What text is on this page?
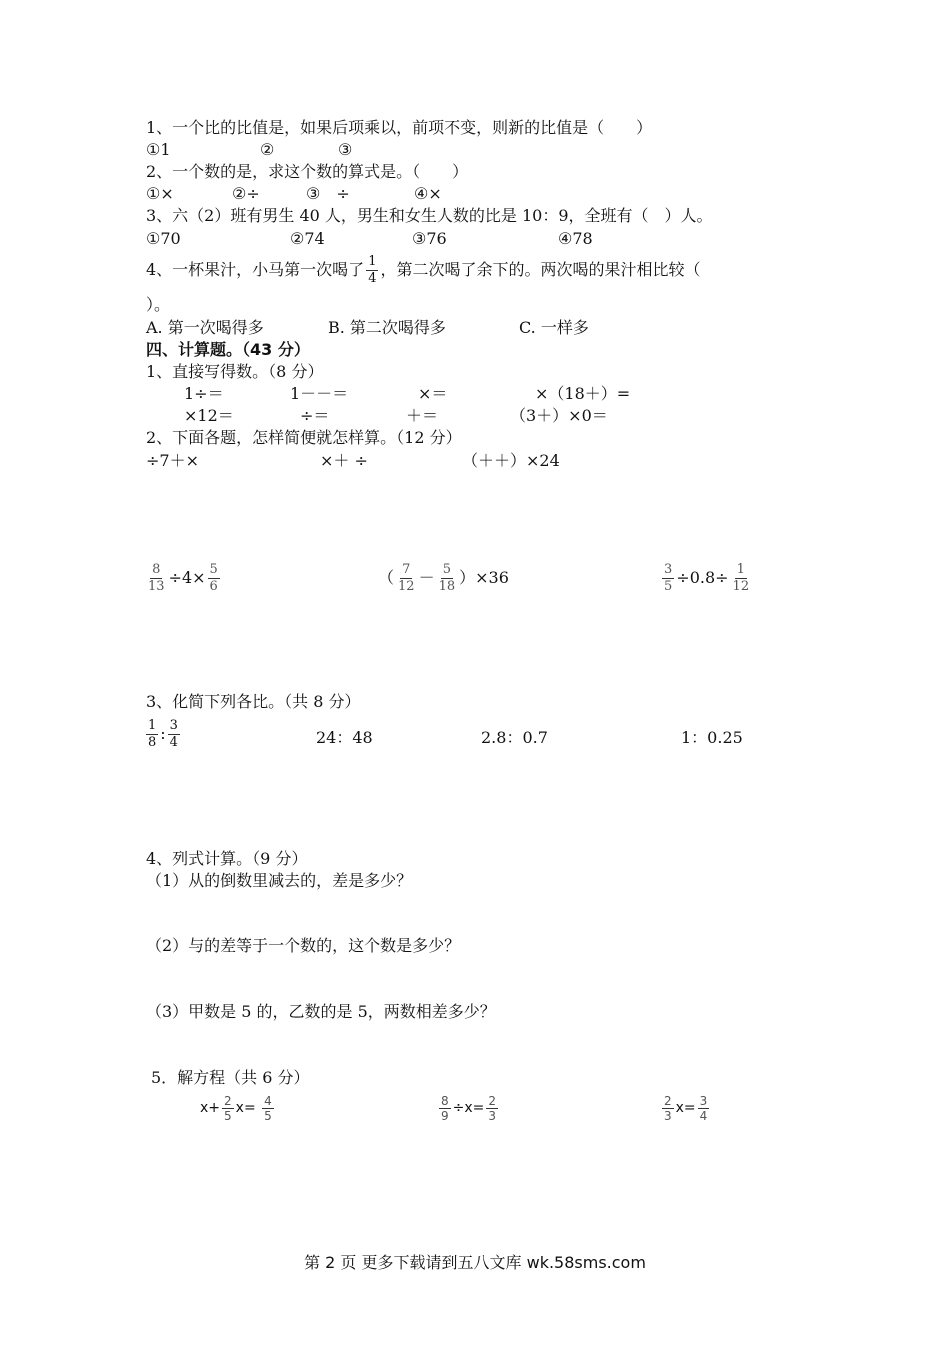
1、一个比的比值是，如果后项乘以，前项不变，则新的比值是（　　）
①1	②	③
2、一个数的是，求这个数的算式是。（　　）
①×	②÷	③　÷	④×
3、六（2）班有男生 40 人，男生和女生人数的比是 10：9，全班有（　）人。
①70	②74	③76	④78
4、一杯果汁，小马第一次喝了 $\frac{1}{4}$ ，第二次喝了余下的。两次喝的果汁相比较（
）。
A. 第一次喝得多	B. 第二次喝得多	C. 一样多
四、计算题。（43 分）
1、直接写得数。（8 分）
1÷＝	1－－＝	×＝	×（18＋）=
×12＝	÷＝	＋＝	（3＋）×0＝
2、下面各题，怎样简便就怎样算。（12 分）
÷7＋×	×＋ ÷	（＋＋）×24
$\frac{8}{13} \div 4\times \frac{5}{6}$	（ $\frac{7}{12} - \frac{5}{18} )\times 36$	$\frac{3}{5} \div 0.8\div \frac{1}{12}$
3、化简下列各比。（共 8 分）
$\frac{1}{8}$ : $\frac{3}{4}$	24：48	2.8：0.7	1：0.25
4、列式计算。（9 分）
（1）从的倒数里减去的，差是多少？
（2）与的差等于一个数的，这个数是多少？
（3）甲数是 5 的，乙数的是 5，两数相差多少？
5．解方程（共 6 分）
$x+ \frac{2}{5} x= \frac{4}{5}$	$\frac{8}{9} \div x= \frac{2}{3}$	$\frac{2}{3} x= \frac{3}{4}$
第 2 页 更多下载请到五八文库 wk.58sms.com
